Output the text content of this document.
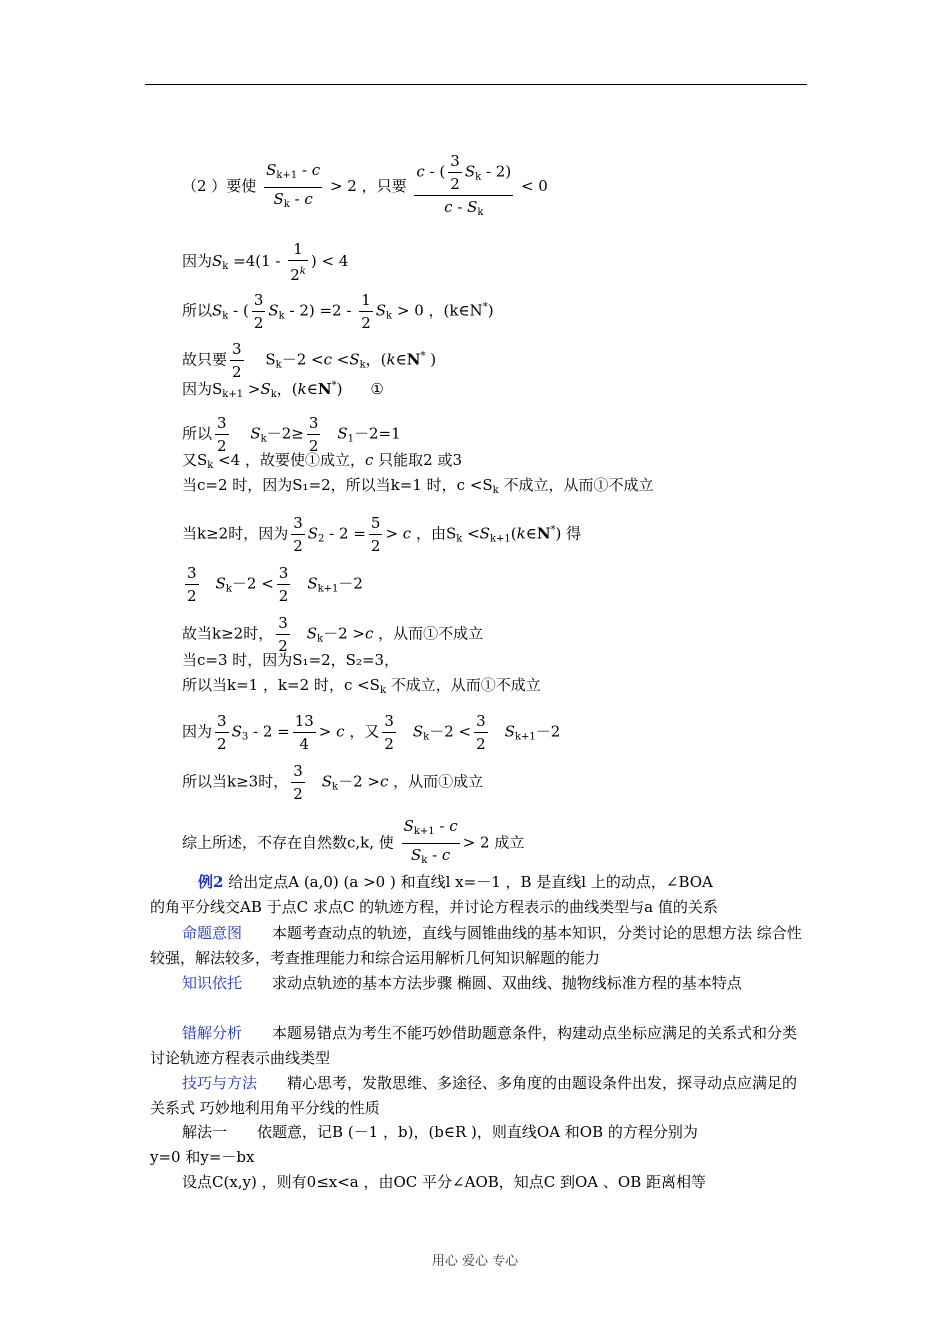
（2 ）要使 $\frac{S_{k+1} - c}{S_k - c} > 2$ ，只要 $\frac{c - ( \frac{3}{2} S_k - 2)}{c - S_k} < 0$
因为$S_k =4(1 - \frac{1}{2^k}$ ) < 4
所以$S_k$ - ( $\frac{3}{2} S_k - 2) =2 - \frac{1}{2} S_k > 0$ ，(k∈N*)
故只要 $\frac{3}{2} S_k-2 <c <S_k$，(k∈N* )
因为$S_{k+1} >S_k$，(k∈N*) ①
所以 $\frac{3}{2} S_k-2\ge \frac{3}{2} S_1-2=1$
又$S_k <4$ ，故要使①成立，c 只能取2 或3
当c=2 时，因为S₁=2，所以当k=1 时，$c <S_k$ 不成立，从而①不成立
当k≥2时，因为 $\frac{3}{2} S_2 - 2 = \frac{5}{2} > c$ ，由$S_k$ $<S_{k+1}(k\in N^*)$ 得
$\frac{3}{2} S_k-2 < \frac{3}{2} S_{k+1}-2$
故当k≥2时， $\frac{3}{2} S_k-2 >c$ ，从而①不成立
当c=3 时，因为S₁=2，S₂=3，
所以当k=1 ，k=2 时，$c <S_k$ 不成立，从而①不成立
因为 $\frac{3}{2} S_3 - 2 = \frac{13}{4} > c$ ，又 $\frac{3}{2} S_k-2 < \frac{3}{2} S_{k+1}-2$
所以当k≥3时， $\frac{3}{2} S_k-2 >c$ ，从而①成立
综上所述，不存在自然数c,k, 使 $\frac{S_{k+1} - c}{S_k - c} > 2$ 成立
例2 给出定点A (a,0) (a >0 ) 和直线l x=－1 ，B 是直线l 上的动点，∠BOA
的角平分线交AB 于点C 求点C 的轨迹方程，并讨论方程表示的曲线类型与a 值的关系
命题意图　　 本题考查动点的轨迹，直线与圆锥曲线的基本知识，分类讨论的思想方法 综合性较强，解法较多，考查推理能力和综合运用解析几何知识解题的能力
知识依托　　 求动点轨迹的基本方法步骤 椭圆、双曲线、抛物线标准方程的基本特点
错解分析　　 本题易错点为考生不能巧妙借助题意条件，构建动点坐标应满足的关系式和分类讨论轨迹方程表示曲线类型
技巧与方法　　 精心思考，发散思维、多途径、多角度的由题设条件出发，探寻动点应满足的关系式 巧妙地利用角平分线的性质
解法一　　 依题意，记B (－1 ，b)，(b∈R )，则直线OA 和OB 的方程分别为
y=0 和y=－bx
设点C(x,y) ，则有0≤x<a ，由OC 平分∠AOB，知点C 到OA 、OB 距离相等
用心 爱心 专心
